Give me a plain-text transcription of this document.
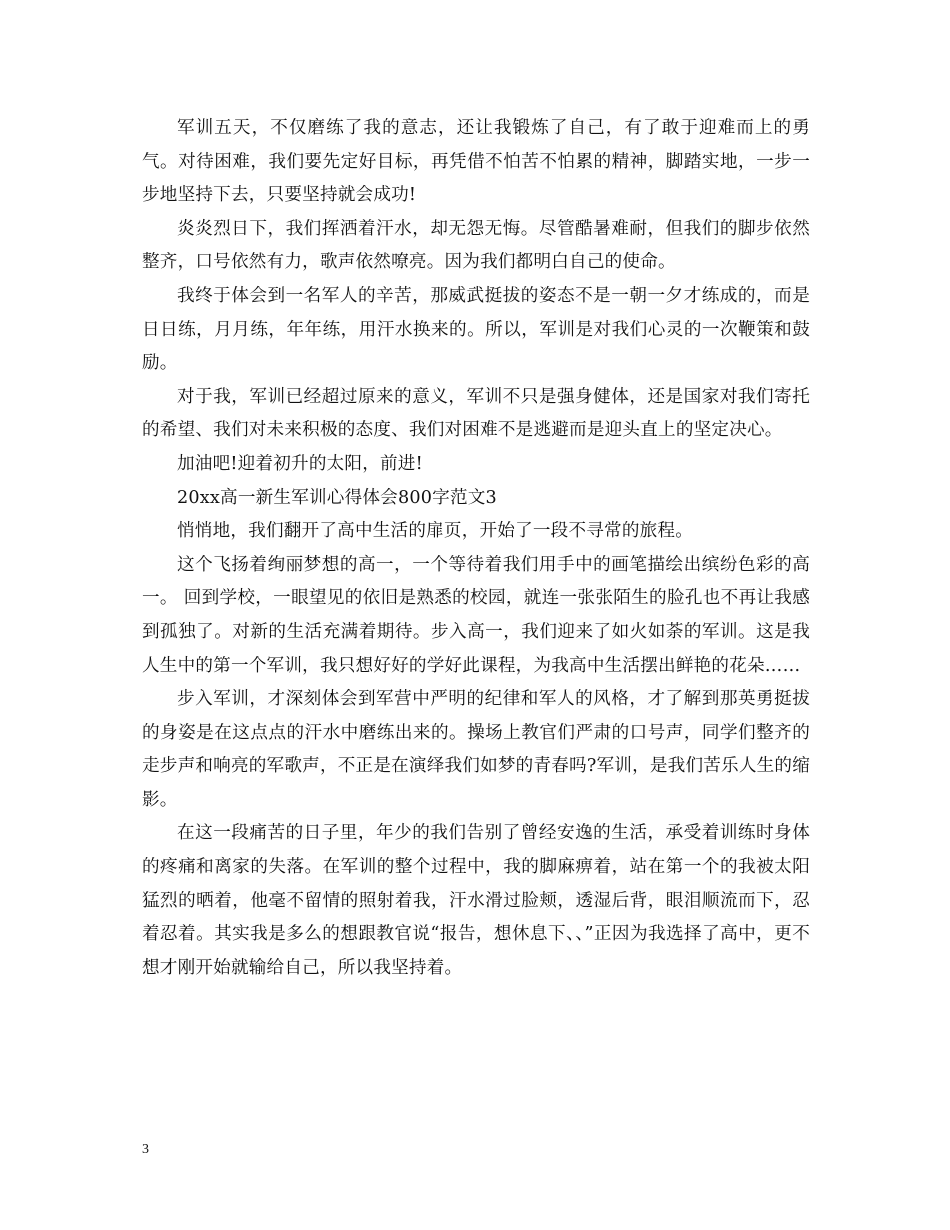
军训五天，不仅磨练了我的意志，还让我锻炼了自己，有了敢于迎难而上的勇气。对待困难，我们要先定好目标，再凭借不怕苦不怕累的精神，脚踏实地，一步一步地坚持下去，只要坚持就会成功!

炎炎烈日下，我们挥洒着汗水，却无怨无悔。尽管酷暑难耐，但我们的脚步依然整齐，口号依然有力，歌声依然嘹亮。因为我们都明白自己的使命。

我终于体会到一名军人的辛苦，那威武挺拔的姿态不是一朝一夕才练成的，而是日日练，月月练，年年练，用汗水换来的。所以，军训是对我们心灵的一次鞭策和鼓励。

对于我，军训已经超过原来的意义，军训不只是强身健体，还是国家对我们寄托的希望、我们对未来积极的态度、我们对困难不是逃避而是迎头直上的坚定决心。

加油吧!迎着初升的太阳，前进!

20xx高一新生军训心得体会800字范文3

悄悄地，我们翻开了高中生活的扉页，开始了一段不寻常的旅程。

这个飞扬着绚丽梦想的高一，一个等待着我们用手中的画笔描绘出缤纷色彩的高一。 回到学校，一眼望见的依旧是熟悉的校园，就连一张张陌生的脸孔也不再让我感到孤独了。对新的生活充满着期待。步入高一，我们迎来了如火如荼的军训。这是我人生中的第一个军训，我只想好好的学好此课程，为我高中生活摆出鲜艳的花朵……

步入军训，才深刻体会到军营中严明的纪律和军人的风格，才了解到那英勇挺拔的身姿是在这点点的汗水中磨练出来的。操场上教官们严肃的口号声，同学们整齐的走步声和响亮的军歌声，不正是在演绎我们如梦的青春吗?军训，是我们苦乐人生的缩影。

在这一段痛苦的日子里，年少的我们告别了曾经安逸的生活，承受着训练时身体的疼痛和离家的失落。在军训的整个过程中，我的脚麻痹着，站在第一个的我被太阳猛烈的晒着，他毫不留情的照射着我，汗水滑过脸颊，透湿后背，眼泪顺流而下，忍着忍着。其实我是多么的想跟教官说“报告，想休息下、、”正因为我选择了高中，更不想才刚开始就输给自己，所以我坚持着。

3
